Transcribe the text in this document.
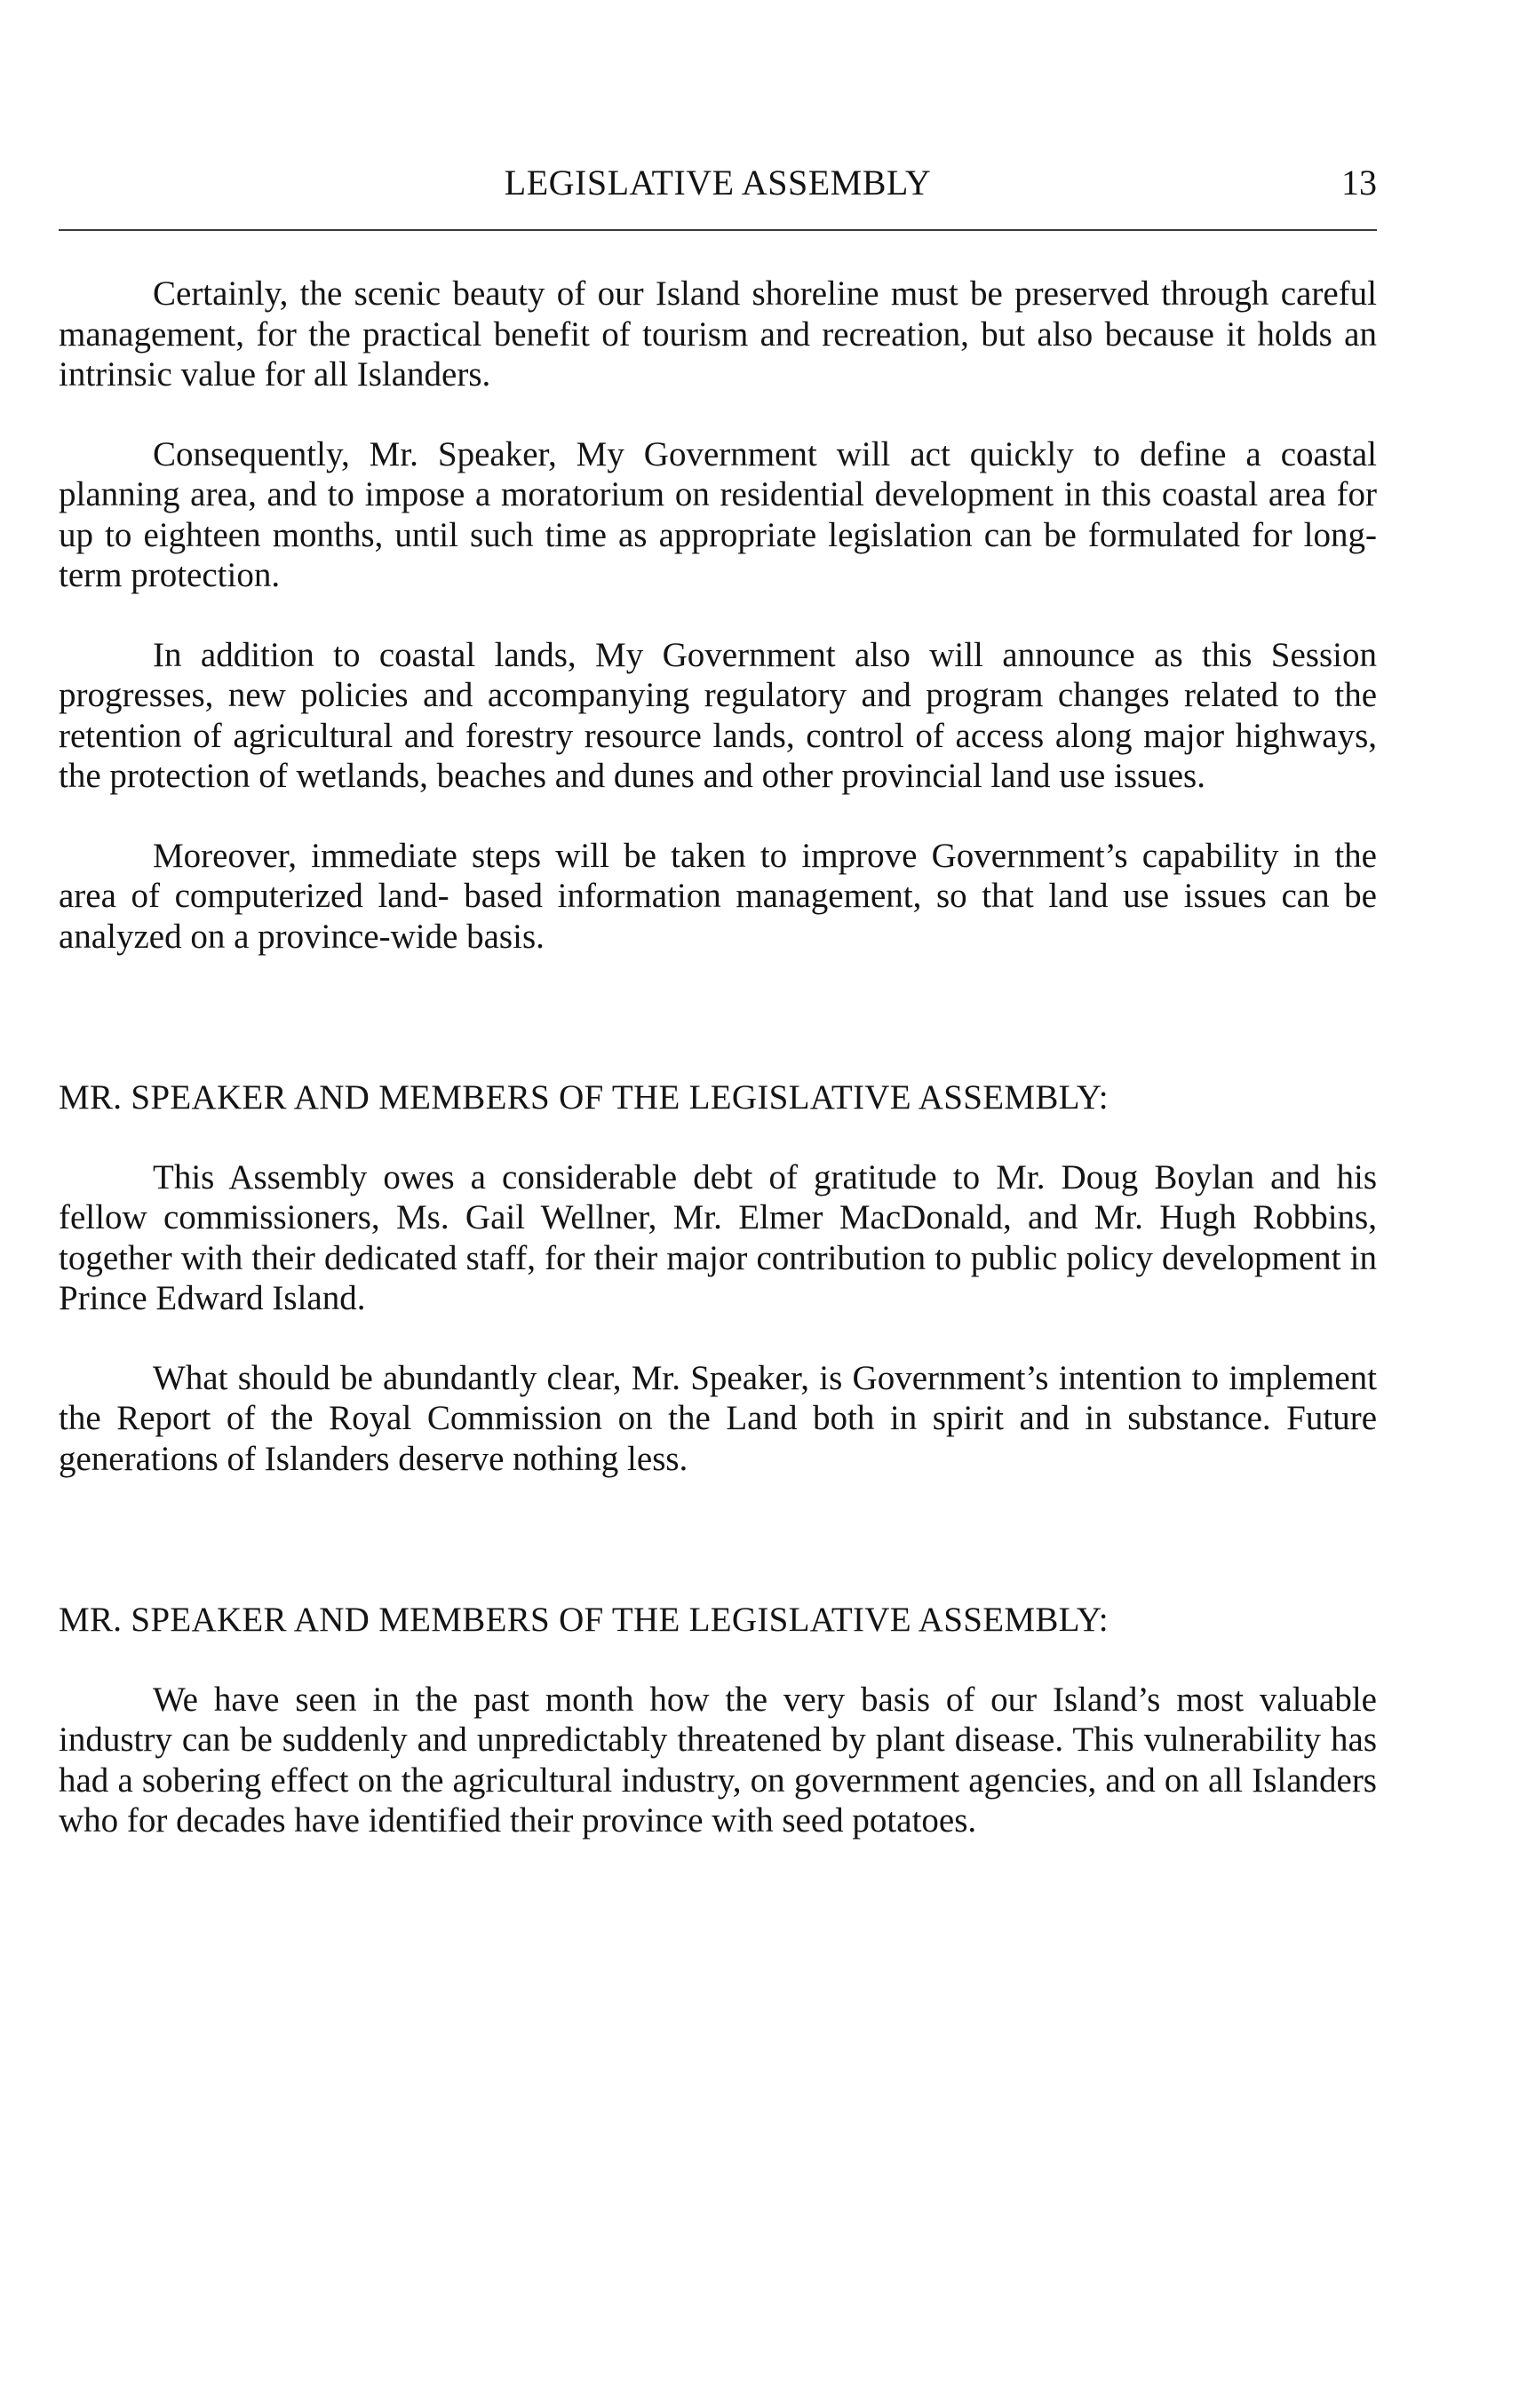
LEGISLATIVE ASSEMBLY	13

Certainly, the scenic beauty of our Island shoreline must be preserved through careful management, for the practical benefit of tourism and recreation, but also because it holds an intrinsic value for all Islanders.

Consequently, Mr. Speaker, My Government will act quickly to define a coastal planning area, and to impose a moratorium on residential development in this coastal area for up to eighteen months, until such time as appropriate legislation can be formulated for long-term protection.

In addition to coastal lands, My Government also will announce as this Session progresses, new policies and accompanying regulatory and program changes related to the retention of agricultural and forestry resource lands, control of access along major highways, the protection of wetlands, beaches and dunes and other provincial land use issues.

Moreover, immediate steps will be taken to improve Government’s capability in the area of computerized land- based information management, so that land use issues can be analyzed on a province-wide basis.

MR. SPEAKER AND MEMBERS OF THE LEGISLATIVE ASSEMBLY:

This Assembly owes a considerable debt of gratitude to Mr. Doug Boylan and his fellow commissioners, Ms. Gail Wellner, Mr. Elmer MacDonald, and Mr. Hugh Robbins, together with their dedicated staff, for their major contribution to public policy development in Prince Edward Island.

What should be abundantly clear, Mr. Speaker, is Government’s intention to implement the Report of the Royal Commission on the Land both in spirit and in substance. Future generations of Islanders deserve nothing less.

MR. SPEAKER AND MEMBERS OF THE LEGISLATIVE ASSEMBLY:

We have seen in the past month how the very basis of our Island’s most valuable industry can be suddenly and unpredictably threatened by plant disease. This vulnerability has had a sobering effect on the agricultural industry, on government agencies, and on all Islanders who for decades have identified their province with seed potatoes.
